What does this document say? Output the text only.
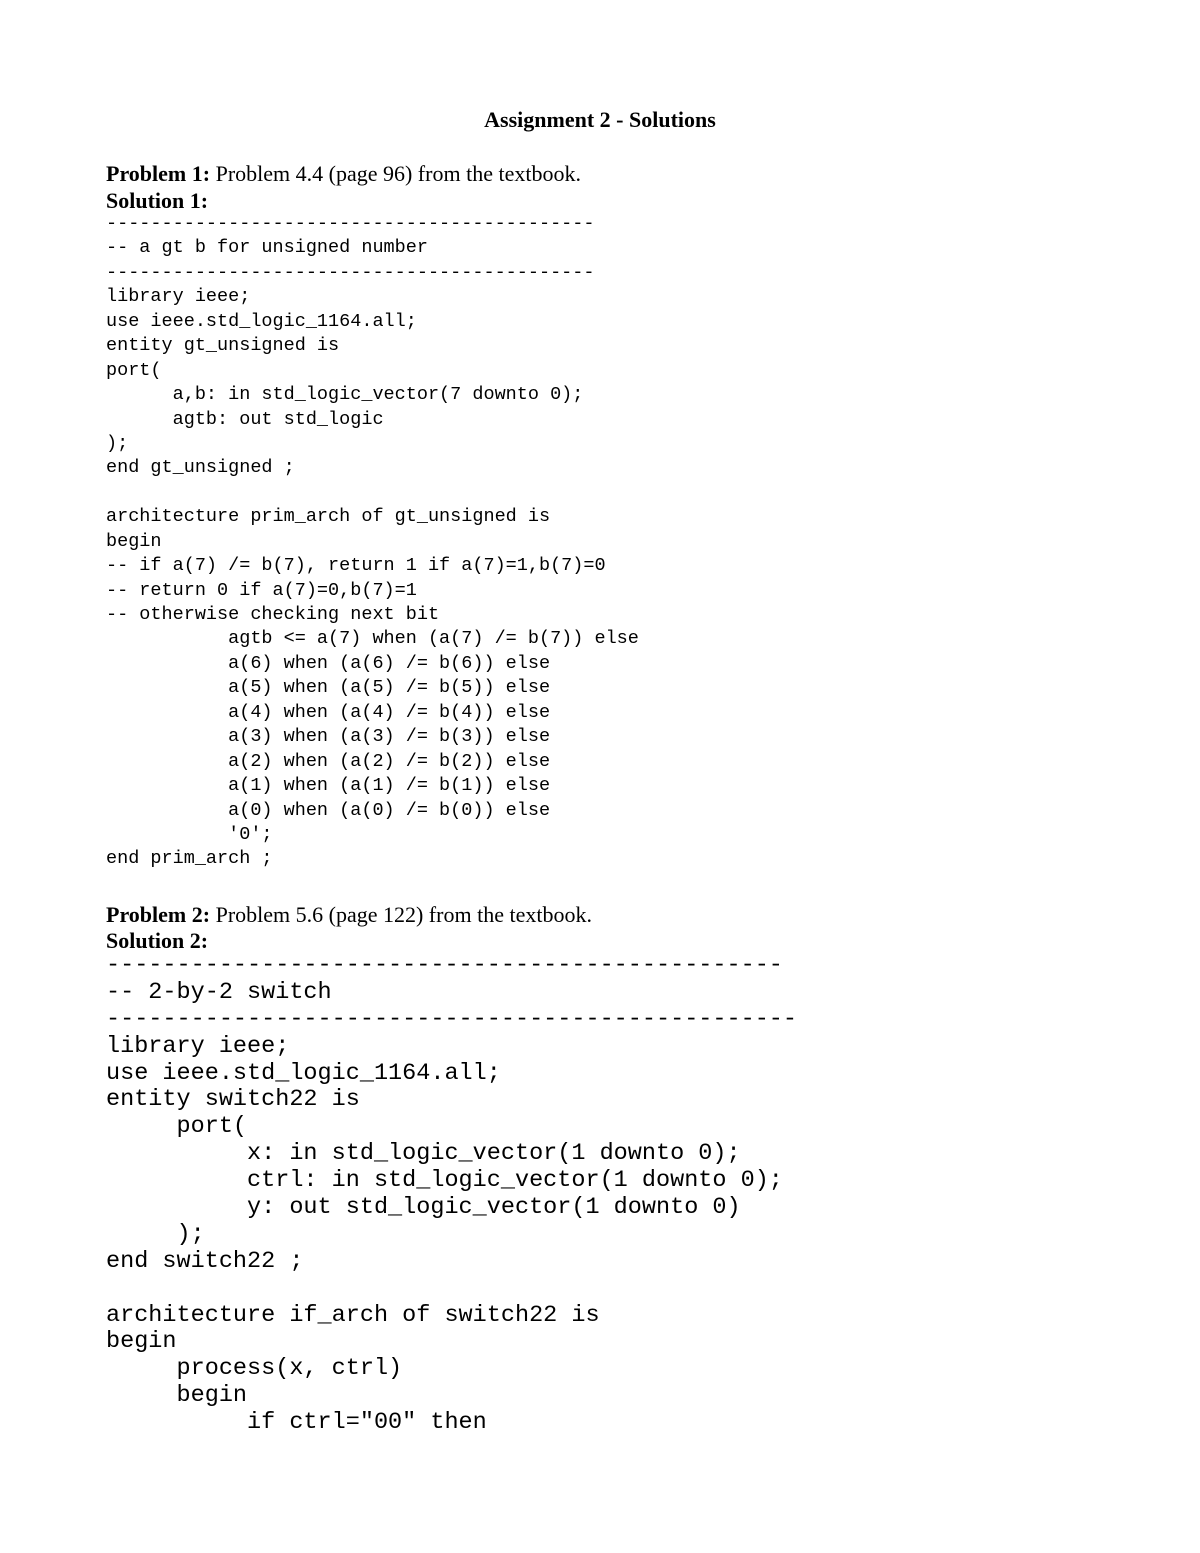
Assignment 2 - Solutions
Problem 1: Problem 4.4 (page 96) from the textbook.
Solution 1:
--------------------------------------------
-- a gt b for unsigned number
--------------------------------------------
library ieee;
use ieee.std_logic_1164.all;
entity gt_unsigned is
port(
a,b: in std_logic_vector(7 downto 0);
agtb: out std_logic
);
end gt_unsigned ;

architecture prim_arch of gt_unsigned is
begin
-- if a(7) /= b(7), return 1 if a(7)=1,b(7)=0
-- return 0 if a(7)=0,b(7)=1
-- otherwise checking next bit
agtb <= a(7) when (a(7) /= b(7)) else
a(6) when (a(6) /= b(6)) else
a(5) when (a(5) /= b(5)) else
a(4) when (a(4) /= b(4)) else
a(3) when (a(3) /= b(3)) else
a(2) when (a(2) /= b(2)) else
a(1) when (a(1) /= b(1)) else
a(0) when (a(0) /= b(0)) else
'0';
end prim_arch ;
Problem 2: Problem 5.6 (page 122) from the textbook.
Solution 2:
------------------------------------------------
-- 2-by-2 switch
-------------------------------------------------
library ieee;
use ieee.std_logic_1164.all;
entity switch22 is
port(
x: in std_logic_vector(1 downto 0);
ctrl: in std_logic_vector(1 downto 0);
y: out std_logic_vector(1 downto 0)
);
end switch22 ;

architecture if_arch of switch22 is
begin
process(x, ctrl)
begin
if ctrl="00" then
